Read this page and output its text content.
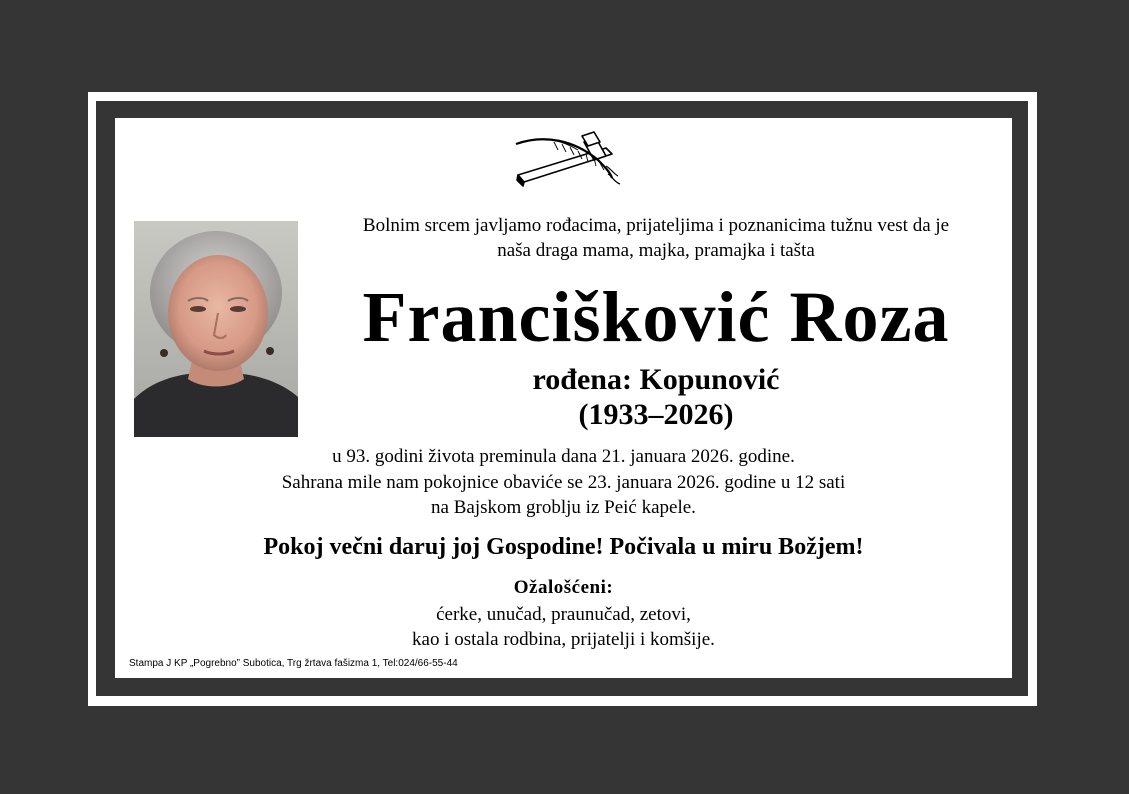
Bolnim srcem javljamo rođacima, prijateljima i poznanicima tužnu vest da je
naša draga mama, majka, pramajka i tašta
Francišković Roza
rođena: Kopunović
(1933–2026)
u 93. godini života preminula dana 21. januara 2026. godine.
Sahrana mile nam pokojnice obaviće se 23. januara 2026. godine u 12 sati
na Bajskom groblju iz Peić kapele.
Pokoj večni daruj joj Gospodine! Počivala u miru Božjem!
Ožalošćeni:
ćerke, unučad, praunučad, zetovi,
kao i ostala rodbina, prijatelji i komšije.
Stampa J KP „Pogrebno” Subotica, Trg žrtava fašizma 1, Tel:024/66-55-44
